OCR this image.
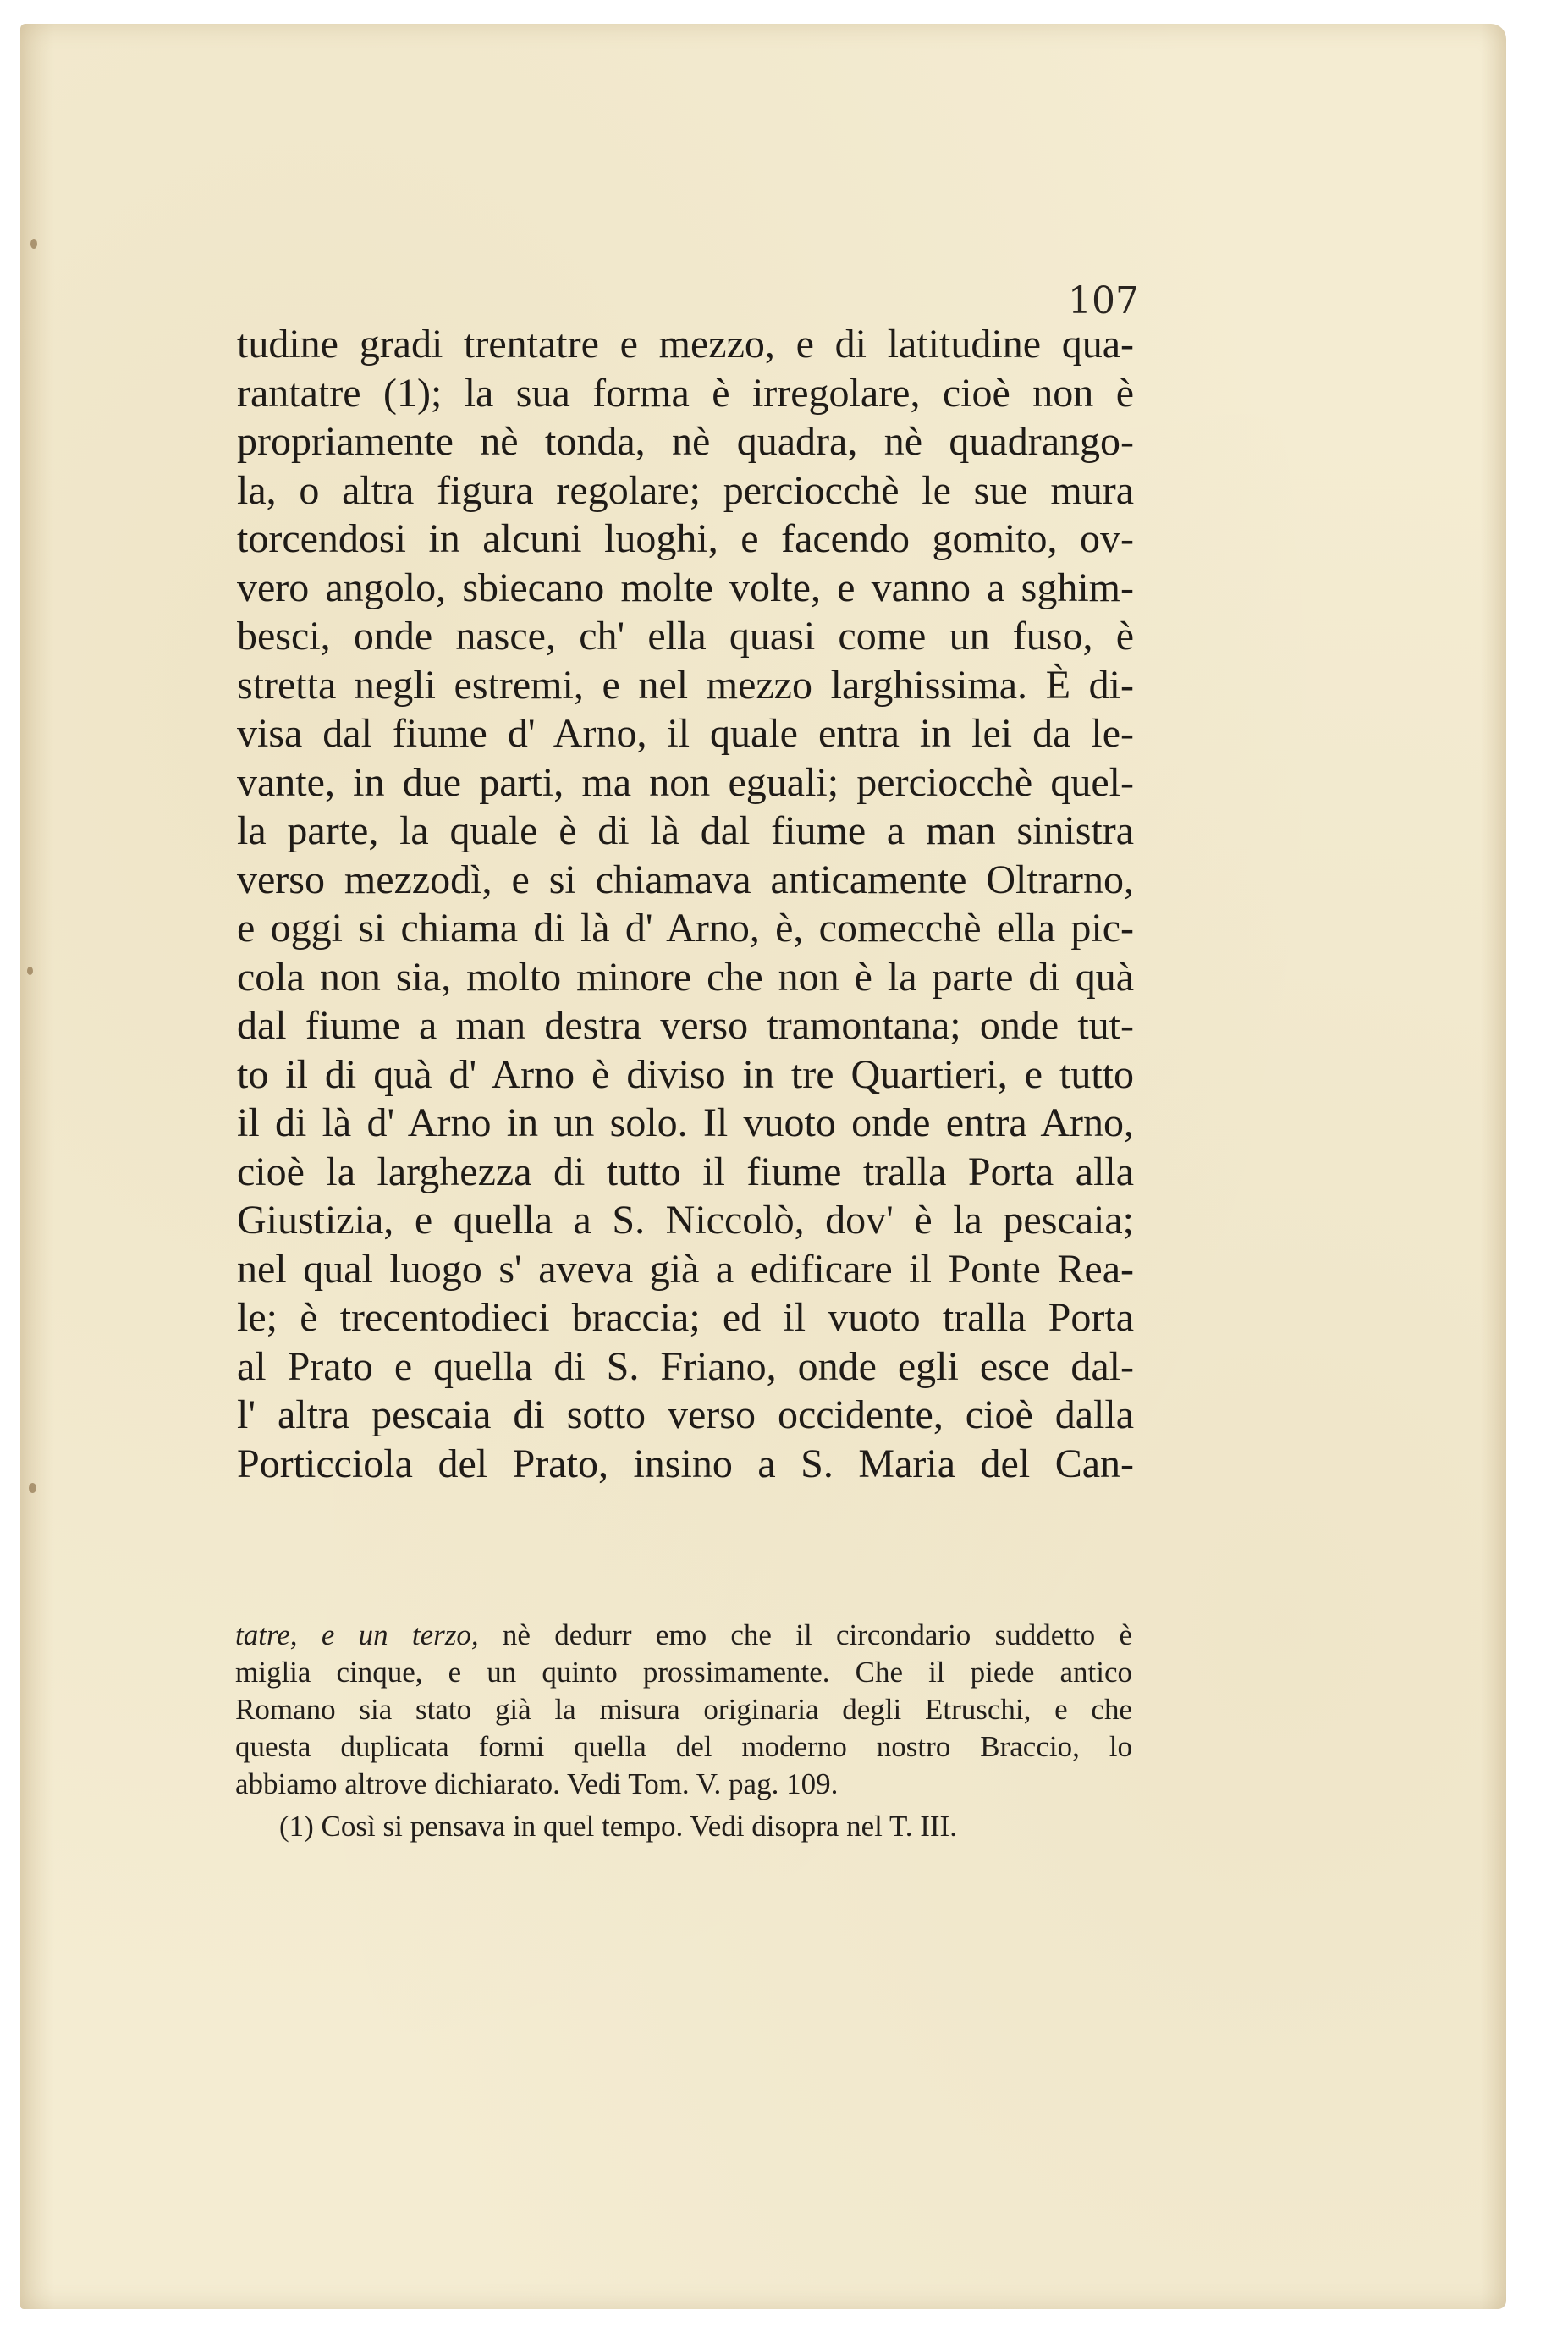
107

tudine gradi trentatre e mezzo, e di latitudine qua-
rantatre (1); la sua forma è irregolare, cioè non è
propriamente nè tonda, nè quadra, nè quadrango-
la, o altra figura regolare; perciocchè le sue mura
torcendosi in alcuni luoghi, e facendo gomito, ov-
vero angolo, sbiecano molte volte, e vanno a sghim-
besci, onde nasce, ch' ella quasi come un fuso, è
stretta negli estremi, e nel mezzo larghissima. È di-
visa dal fiume d' Arno, il quale entra in lei da le-
vante, in due parti, ma non eguali; perciocchè quel-
la parte, la quale è di là dal fiume a man sinistra
verso mezzodì, e si chiamava anticamente Oltrarno,
e oggi si chiama di là d' Arno, è, comecchè ella pic-
cola non sia, molto minore che non è la parte di quà
dal fiume a man destra verso tramontana; onde tut-
to il di quà d' Arno è diviso in tre Quartieri, e tutto
il di là d' Arno in un solo. Il vuoto onde entra Arno,
cioè la larghezza di tutto il fiume tralla Porta alla
Giustizia, e quella a S. Niccolò, dov' è la pescaia;
nel qual luogo s' aveva già a edificare il Ponte Rea-
le; è trecentodieci braccia; ed il vuoto tralla Porta
al Prato e quella di S. Friano, onde egli esce dal-
l' altra pescaia di sotto verso occidente, cioè dalla
Porticciola del Prato, insino a S. Maria del Can-
tatre, e un terzo, nè dedurr emo che il circondario suddetto è
miglia cinque, e un quinto prossimamente. Che il piede antico
Romano sia stato già la misura originaria degli Etruschi, e che
questa duplicata formi quella del moderno nostro Braccio, lo
abbiamo altrove dichiarato. Vedi Tom. V. pag. 109.
(1) Così si pensava in quel tempo. Vedi disopra nel T. III.
